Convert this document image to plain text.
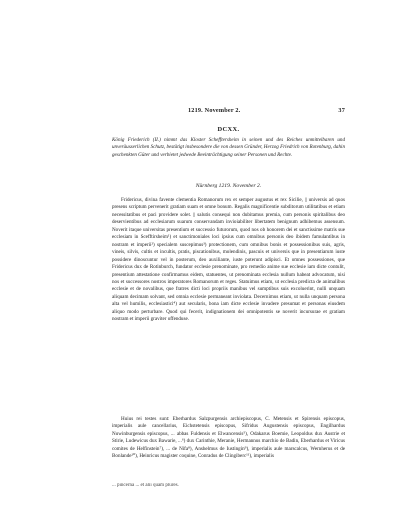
1219. November 2.	37
DCXX.
König Friederich (II.) nimmt das Kloster Schefftersheim in seinen und des Reiches unmittelbaren und unveräusserlichen Schutz, bestätigt insbesondere die von dessen Gründer, Herzog Friedrich von Rotenburg, dahin geschenkten Güter und verbietet jedwede Beeinträchtigung seiner Personen und Rechte.
Nürnberg 1219. November 2.
Fridericus, divina favente clementia Romanorum rex et semper augustus et rex Sicilie, || universis ad quos presens scriptum pervenerit gratiam suam et omne bonum. Regalis magnificentie subditorum utilitatibus et etiam necessitatibus et paci providere solet. || salutis consequi non dubitamus premia, cum personis spiritalibus deo deservientibus ad ecclesiarum suarum conservandam invioiabiliter libertatem benignum adhibemus assensum. Noverit itaque universitas presentium et successio futurorum, quod nos ob honorem dei et sanctissime matris sue ecclesiam in Scefftirsheim¹) et sanctimoniales loci ipsius cum omnibus personis deo ibidem famulantibus in nostram et imperii²) specialem suscepimus³) protectionem, cum omnibus bonis et possessionibus suis, agris, vineis, silvis, cultis et incultis, pratis, piscationibus, molendinis, pascuis et universis que in presentiarum iuste possidere dinoscuntur vel in posterum, deo auxiliante, iuste poterunt adipisci. Et omnes possessiones, que Fridericus dux de Rotinburch, fundator ecclesie prenominate, pro remedio anime sue ecclesie iam dicte contulit, presentium attestatione confirmamus eidem, statuentes, ut prenominata ecclesia nullum habeat advocatum, nisi nos et successores nostros imperatores Romanorum et reges. Statuimus etiam, ut ecclesia predicta de animalibus ecclesie et de novalibus, que fratres dicti loci propriis manibus vel sumptibus suis excoluerint, nulli unquam aliquam decimam solvant, sed omnia ecclesie permaneant inviolata. Decernimus etiam, ut nulla unquam persona alta vel humilis, ecclesiastici⁴) aut secularis, bona iam dicte ecclesie invadere presumat et personas eiusdem aliquo modo perturbare. Quod qui fecerit, indignationem dei omnipotentis se noverit incursurae et gratiam nostram et imperii graviter offenduse.
Huius rei testes sunt: Eberhardus Salzpurgensis archiepiscopus, C. Metensis et Spirensis episcopus, imperialis aule cancellarius, Eichstetensis episcopus, Sifridus Augustensis episcopus, Engilhardus Nuwinburgensis episcopus, ... abbas Fuldensis et Elwancensis⁵), Odakarus Boemie, Leopoldus dux Austrie et Stirie, Ludewicus dux Bawarie, ...⁶) dux Carinthie, Meranie, Hermannus marchio de Badin, Eberhardus et Viricus comites de Helfinstein⁷), ... de Nifa⁸), Anshelmus de Iustingin⁹), imperialis aule marscalcus, Wernherus et de Bonlande¹⁰), Heinricus magister coquine, Conradus de Clingiberc¹¹), imperialis
... pincerna ... et alii quam plures.
